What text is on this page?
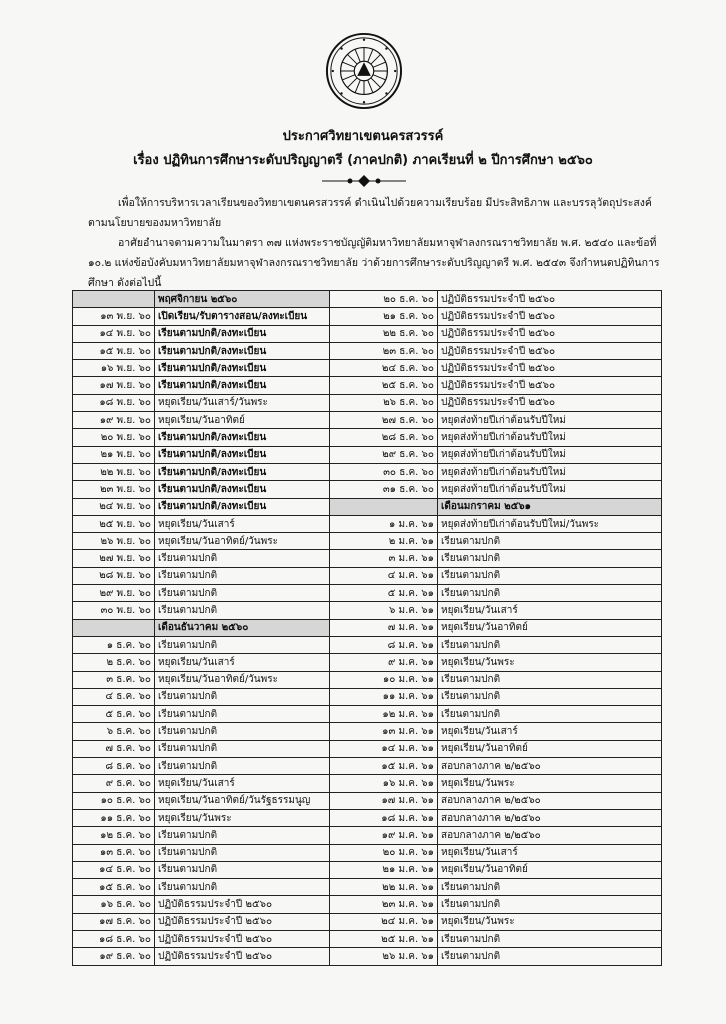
ประกาศวิทยาเขตนครสวรรค์
เรื่อง ปฏิทินการศึกษาระดับปริญญาตรี (ภาคปกติ) ภาคเรียนที่ ๒ ปีการศึกษา ๒๕๖๐
เพื่อให้การบริหารเวลาเรียนของวิทยาเขตนครสวรรค์ ดำเนินไปด้วยความเรียบร้อย มีประสิทธิภาพ และบรรลุวัตถุประสงค์ตามนโยบายของมหาวิทยาลัย
อาศัยอำนาจตามความในมาตรา ๓๗ แห่งพระราชบัญญัติมหาวิทยาลัยมหาจุฬาลงกรณราชวิทยาลัย พ.ศ. ๒๕๔๐ และข้อที่ ๑๐.๒ แห่งข้อบังคับมหาวิทยาลัยมหาจุฬาลงกรณราชวิทยาลัย ว่าด้วยการศึกษาระดับปริญญาตรี พ.ศ. ๒๕๔๓ จึงกำหนดปฏิทินการศึกษา ดังต่อไปนี้
	พฤศจิกายน ๒๕๖๐	๒๐ ธ.ค. ๖๐	ปฏิบัติธรรมประจำปี ๒๕๖๐
๑๓ พ.ย. ๖๐	เปิดเรียน/รับตารางสอน/ลงทะเบียน	๒๑ ธ.ค. ๖๐	ปฏิบัติธรรมประจำปี ๒๕๖๐
๑๔ พ.ย. ๖๐	เรียนตามปกติ/ลงทะเบียน	๒๒ ธ.ค. ๖๐	ปฏิบัติธรรมประจำปี ๒๕๖๐
๑๕ พ.ย. ๖๐	เรียนตามปกติ/ลงทะเบียน	๒๓ ธ.ค. ๖๐	ปฏิบัติธรรมประจำปี ๒๕๖๐
๑๖ พ.ย. ๖๐	เรียนตามปกติ/ลงทะเบียน	๒๔ ธ.ค. ๖๐	ปฏิบัติธรรมประจำปี ๒๕๖๐
๑๗ พ.ย. ๖๐	เรียนตามปกติ/ลงทะเบียน	๒๕ ธ.ค. ๖๐	ปฏิบัติธรรมประจำปี ๒๕๖๐
๑๘ พ.ย. ๖๐	หยุดเรียน/วันเสาร์/วันพระ	๒๖ ธ.ค. ๖๐	ปฏิบัติธรรมประจำปี ๒๕๖๐
๑๙ พ.ย. ๖๐	หยุดเรียน/วันอาทิตย์	๒๗ ธ.ค. ๖๐	หยุดส่งท้ายปีเก่าต้อนรับปีใหม่
๒๐ พ.ย. ๖๐	เรียนตามปกติ/ลงทะเบียน	๒๘ ธ.ค. ๖๐	หยุดส่งท้ายปีเก่าต้อนรับปีใหม่
๒๑ พ.ย. ๖๐	เรียนตามปกติ/ลงทะเบียน	๒๙ ธ.ค. ๖๐	หยุดส่งท้ายปีเก่าต้อนรับปีใหม่
๒๒ พ.ย. ๖๐	เรียนตามปกติ/ลงทะเบียน	๓๐ ธ.ค. ๖๐	หยุดส่งท้ายปีเก่าต้อนรับปีใหม่
๒๓ พ.ย. ๖๐	เรียนตามปกติ/ลงทะเบียน	๓๑ ธ.ค. ๖๐	หยุดส่งท้ายปีเก่าต้อนรับปีใหม่
๒๔ พ.ย. ๖๐	เรียนตามปกติ/ลงทะเบียน		เดือนมกราคม ๒๕๖๑
๒๕ พ.ย. ๖๐	หยุดเรียน/วันเสาร์	๑ ม.ค. ๖๑	หยุดส่งท้ายปีเก่าต้อนรับปีใหม่/วันพระ
๒๖ พ.ย. ๖๐	หยุดเรียน/วันอาทิตย์/วันพระ	๒ ม.ค. ๖๑	เรียนตามปกติ
๒๗ พ.ย. ๖๐	เรียนตามปกติ	๓ ม.ค. ๖๑	เรียนตามปกติ
๒๘ พ.ย. ๖๐	เรียนตามปกติ	๔ ม.ค. ๖๑	เรียนตามปกติ
๒๙ พ.ย. ๖๐	เรียนตามปกติ	๕ ม.ค. ๖๑	เรียนตามปกติ
๓๐ พ.ย. ๖๐	เรียนตามปกติ	๖ ม.ค. ๖๑	หยุดเรียน/วันเสาร์
	เดือนธันวาคม ๒๕๖๐	๗ ม.ค. ๖๑	หยุดเรียน/วันอาทิตย์
๑ ธ.ค. ๖๐	เรียนตามปกติ	๘ ม.ค. ๖๑	เรียนตามปกติ
๒ ธ.ค. ๖๐	หยุดเรียน/วันเสาร์	๙ ม.ค. ๖๑	หยุดเรียน/วันพระ
๓ ธ.ค. ๖๐	หยุดเรียน/วันอาทิตย์/วันพระ	๑๐ ม.ค. ๖๑	เรียนตามปกติ
๔ ธ.ค. ๖๐	เรียนตามปกติ	๑๑ ม.ค. ๖๑	เรียนตามปกติ
๕ ธ.ค. ๖๐	เรียนตามปกติ	๑๒ ม.ค. ๖๑	เรียนตามปกติ
๖ ธ.ค. ๖๐	เรียนตามปกติ	๑๓ ม.ค. ๖๑	หยุดเรียน/วันเสาร์
๗ ธ.ค. ๖๐	เรียนตามปกติ	๑๔ ม.ค. ๖๑	หยุดเรียน/วันอาทิตย์
๘ ธ.ค. ๖๐	เรียนตามปกติ	๑๕ ม.ค. ๖๑	สอบกลางภาค ๒/๒๕๖๐
๙ ธ.ค. ๖๐	หยุดเรียน/วันเสาร์	๑๖ ม.ค. ๖๑	หยุดเรียน/วันพระ
๑๐ ธ.ค. ๖๐	หยุดเรียน/วันอาทิตย์/วันรัฐธรรมนูญ	๑๗ ม.ค. ๖๑	สอบกลางภาค ๒/๒๕๖๐
๑๑ ธ.ค. ๖๐	หยุดเรียน/วันพระ	๑๘ ม.ค. ๖๑	สอบกลางภาค ๒/๒๕๖๐
๑๒ ธ.ค. ๖๐	เรียนตามปกติ	๑๙ ม.ค. ๖๑	สอบกลางภาค ๒/๒๕๖๐
๑๓ ธ.ค. ๖๐	เรียนตามปกติ	๒๐ ม.ค. ๖๑	หยุดเรียน/วันเสาร์
๑๔ ธ.ค. ๖๐	เรียนตามปกติ	๒๑ ม.ค. ๖๑	หยุดเรียน/วันอาทิตย์
๑๕ ธ.ค. ๖๐	เรียนตามปกติ	๒๒ ม.ค. ๖๑	เรียนตามปกติ
๑๖ ธ.ค. ๖๐	ปฏิบัติธรรมประจำปี ๒๕๖๐	๒๓ ม.ค. ๖๑	เรียนตามปกติ
๑๗ ธ.ค. ๖๐	ปฏิบัติธรรมประจำปี ๒๕๖๐	๒๔ ม.ค. ๖๑	หยุดเรียน/วันพระ
๑๘ ธ.ค. ๖๐	ปฏิบัติธรรมประจำปี ๒๕๖๐	๒๕ ม.ค. ๖๑	เรียนตามปกติ
๑๙ ธ.ค. ๖๐	ปฏิบัติธรรมประจำปี ๒๕๖๐	๒๖ ม.ค. ๖๑	เรียนตามปกติ
